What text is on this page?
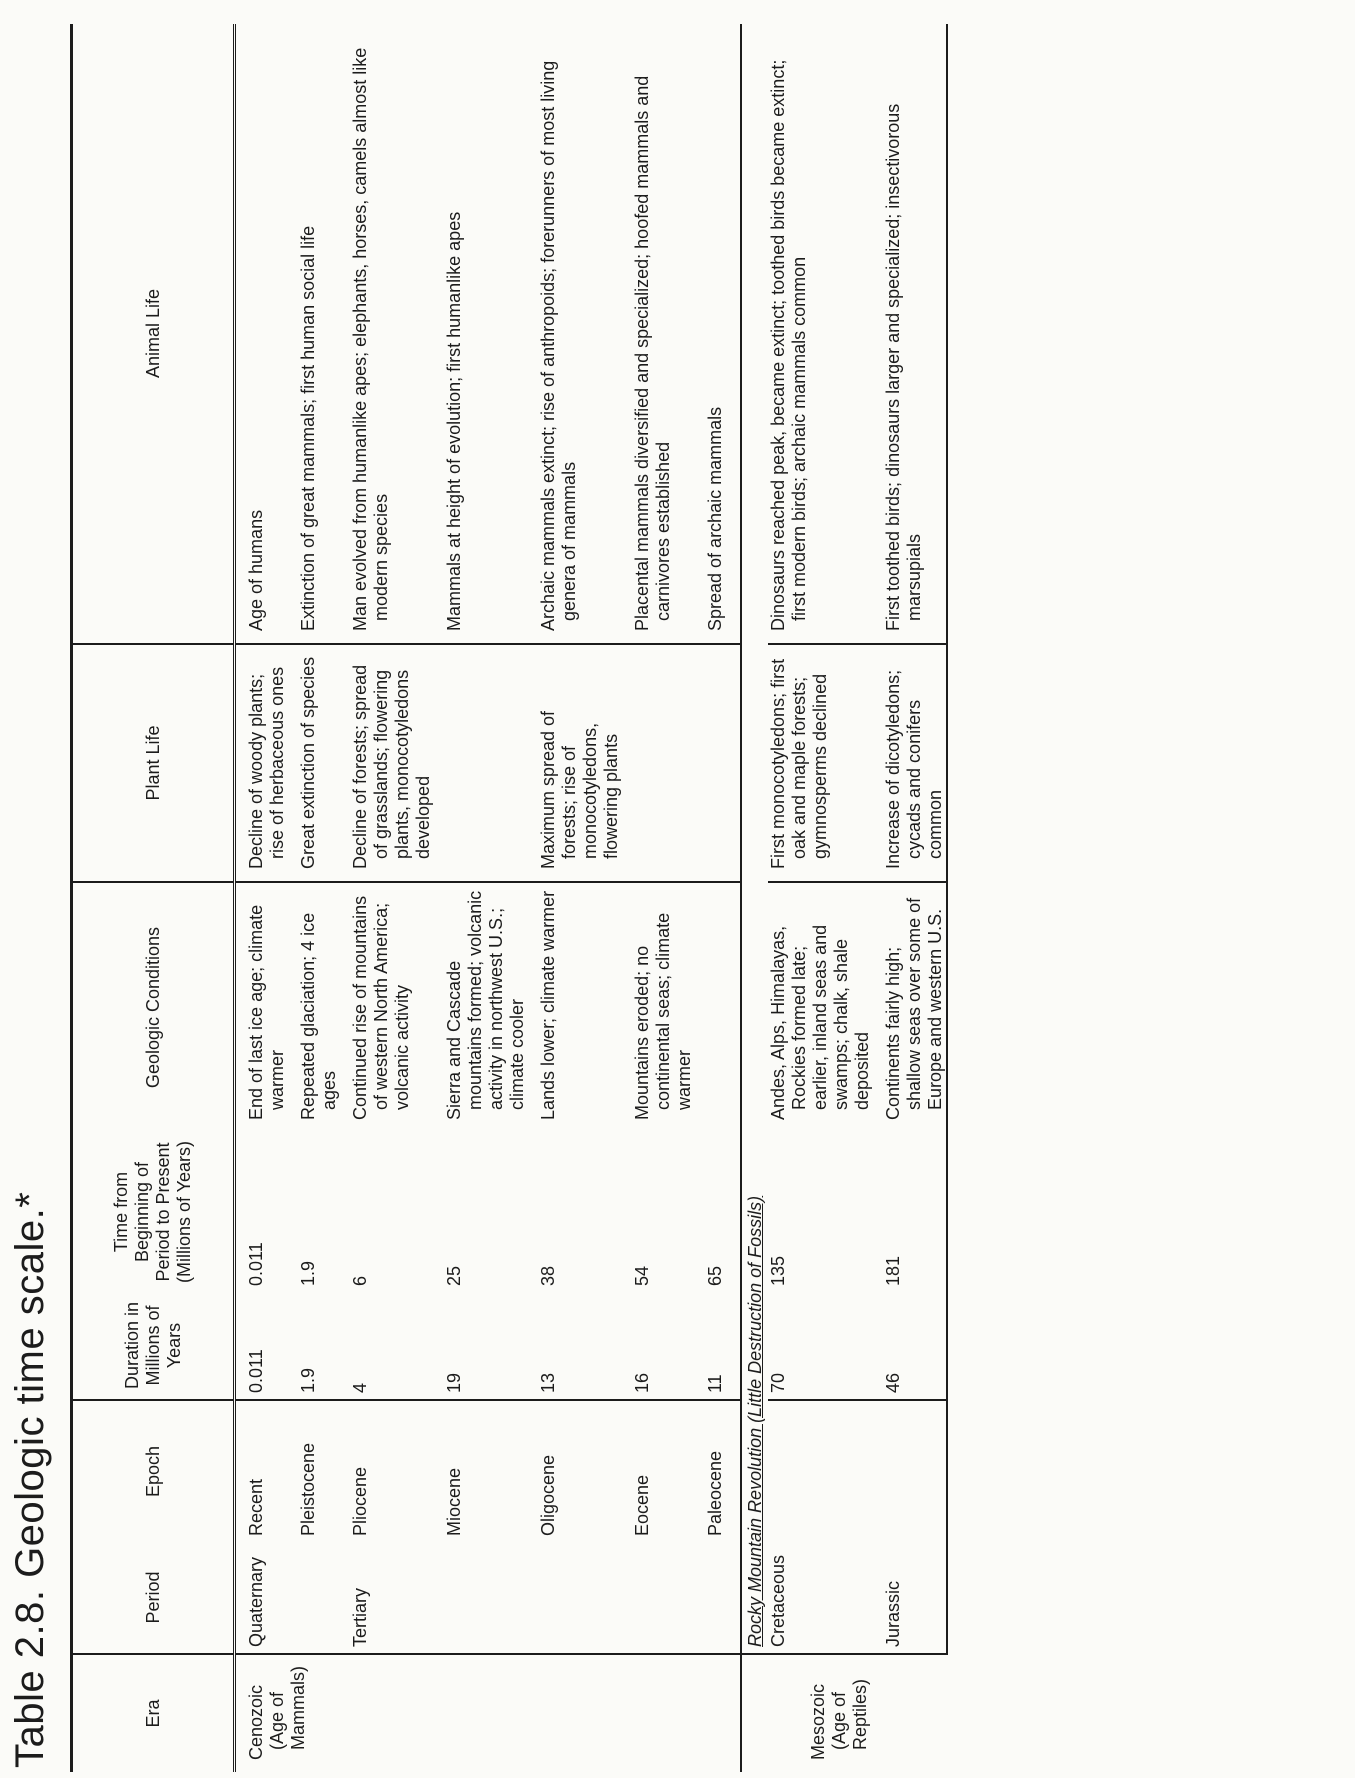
Table 2.8. Geologic time scale.*	Era	Period	Epoch	Duration in Millions of Years	Time from Beginning of Period to Present (Millions of Years)	Geologic Conditions	Plant Life	Animal Life

Cenozoic (Age of Mammals)	Quaternary	Recent	0.011	0.011	End of last ice age; climate warmer	Decline of woody plants; rise of herbaceous ones	Age of humans

		Pleistocene	1.9	1.9	Repeated glaciation; 4 ice ages	Great extinction of species	Extinction of great mammals; first human social life

	Tertiary	Pliocene	4	6	Continued rise of mountains of western North America; volcanic activity	Decline of forests; spread of grasslands; flowering plants, monocotyledons developed	Man evolved from humanlike apes; elephants, horses, camels almost like modern species

		Miocene	19	25	Sierra and Cascade mountains formed; volcanic activity in northwest U.S.; climate cooler		Mammals at height of evolution; first humanlike apes

		Oligocene	13	38	Lands lower; climate warmer	Maximum spread of forests; rise of monocotyledons, flowering plants	Archaic mammals extinct; rise of anthropoids; forerunners of most living genera of mammals

		Eocene	16	54	Mountains eroded; no continental seas; climate warmer		Placental mammals diversified and specialized; hoofed mammals and carnivores established

		Paleocene	11	65			Spread of archaic mammals

	Rocky Mountain Revolution (Little Destruction of Fossils)						

Mesozoic (Age of Reptiles)	Cretaceous		70	135	Andes, Alps, Himalayas, Rockies formed late; earlier, inland seas and swamps; chalk, shale deposited	First monocotyledons; first oak and maple forests; gymnosperms declined	Dinosaurs reached peak, became extinct; toothed birds became extinct; first modern birds; archaic mammals common

	Jurassic		46	181	Continents fairly high; shallow seas over some of Europe and western U.S.	Increase of dicotyledons; cycads and conifers common	First toothed birds; dinosaurs larger and specialized; insectivorous marsupials
